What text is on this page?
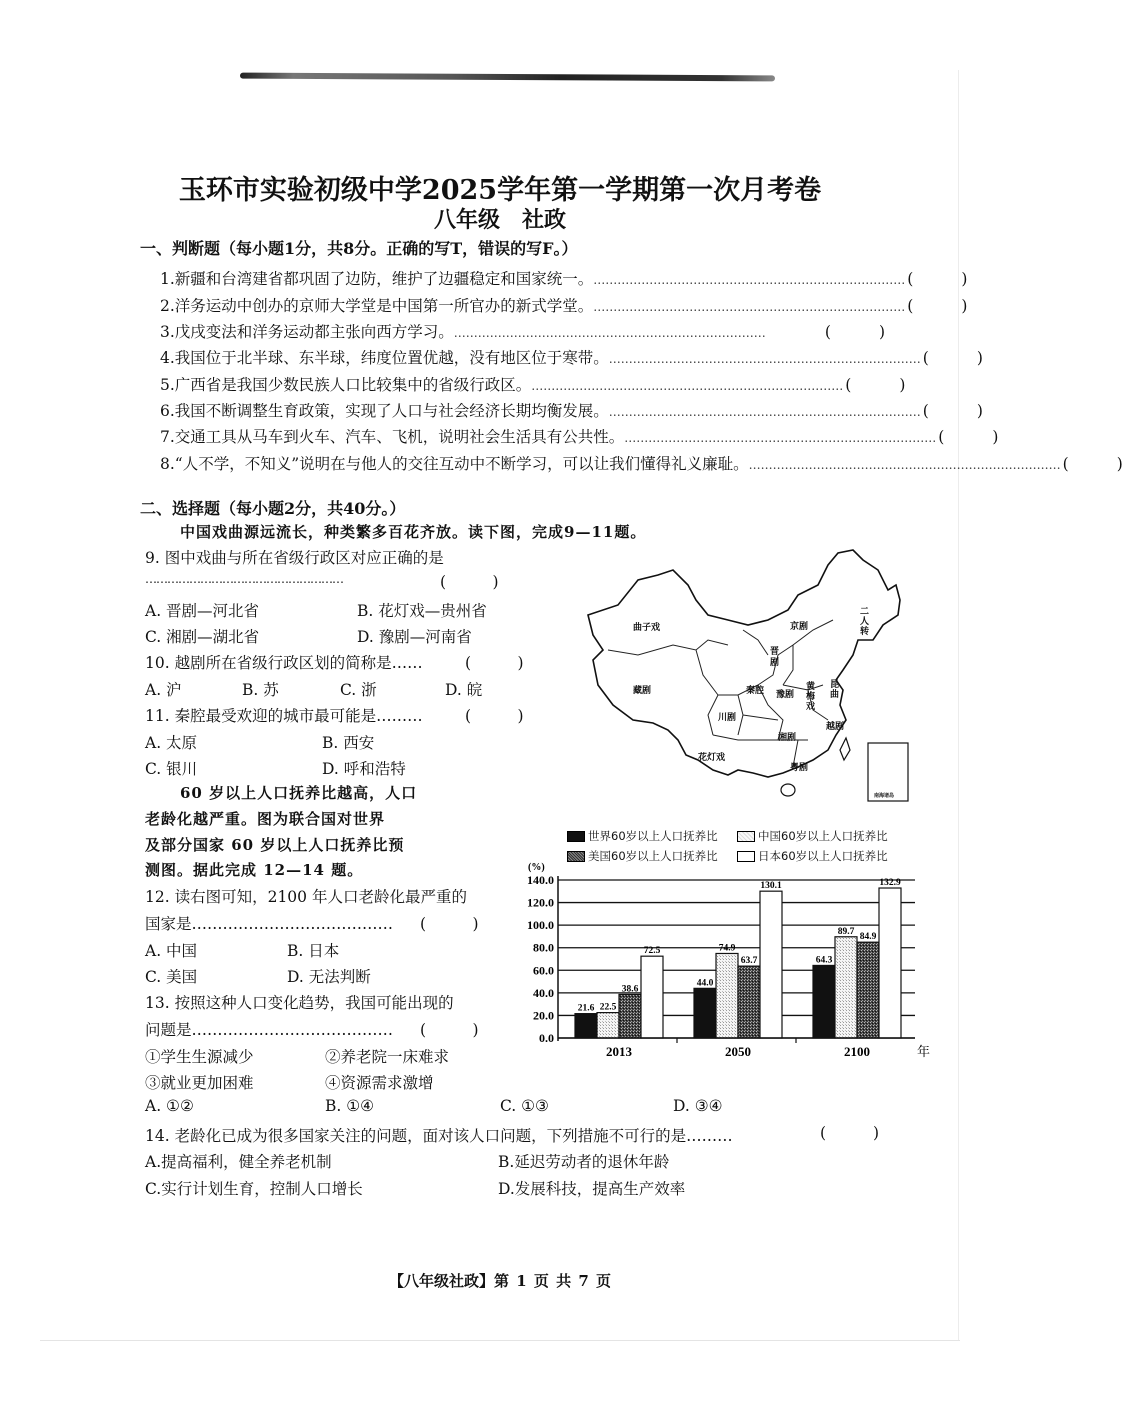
玉环市实验初级中学2025学年第一学期第一次月考卷
八年级　社政
一、判断题（每小题1分，共8分。正确的写T，错误的写F。）
1.新疆和台湾建省都巩固了边防，维护了边疆稳定和国家统一。 …………………………………………………………………… (	)
2.洋务运动中创办的京师大学堂是中国第一所官办的新式学堂。 …………………………………………………………………… (	)
3.戊戌变法和洋务运动都主张向西方学习。 ……………………………………………………………………	(	)
4.我国位于北半球、东半球，纬度位置优越，没有地区位于寒带。 …………………………………………………………………… (	)
5.广西省是我国少数民族人口比较集中的省级行政区。 …………………………………………………………………… (	)
6.我国不断调整生育政策，实现了人口与社会经济长期均衡发展。 …………………………………………………………………… (	)
7.交通工具从马车到火车、汽车、飞机，说明社会生活具有公共性。 …………………………………………………………………… (	)
8.“人不学，不知义”说明在与他人的交往互动中不断学习，可以让我们懂得礼义廉耻。 …………………………………………………………………… (	)
二、选择题（每小题2分，共40分。）
中国戏曲源远流长，种类繁多百花齐放。读下图，完成9—11题。
9. 图中戏曲与所在省级行政区对应正确的是
………………………………………………	(　　　)
A. 晋剧—河北省	B. 花灯戏—贵州省
C. 湘剧—湖北省	D. 豫剧—河南省
10. 越剧所在省级行政区划的简称是……	(　　　)
A. 沪	B. 苏	C. 浙	D. 皖
11. 秦腔最受欢迎的城市最可能是………	(　　　)
A. 太原	B. 西安
C. 银川	D. 呼和浩特
60 岁以上人口抚养比越高，人口
老龄化越严重。图为联合国对世界
及部分国家 60 岁以上人口抚养比预
测图。据此完成 12—14 题。
12. 读右图可知，2100 年人口老龄化最严重的
国家是………………………………… (　　　)
A. 中国	B. 日本
C. 美国	D. 无法判断
13. 按照这种人口变化趋势，我国可能出现的
问题是………………………………… (　　　)
①学生生源减少	②养老院一床难求
③就业更加困难	④资源需求激增
A. ①②	B. ①④	C. ①③	D. ③④
14. 老龄化已成为很多国家关注的问题，面对该人口问题，下列措施不可行的是………	(	)
A.提高福利，健全养老机制	B.延迟劳动者的退休年龄
C.实行计划生育，控制人口增长	D.发展科技，提高生产效率
曲子戏	京剧
二人转
晋剧
藏剧	秦腔 豫剧
黄梅戏
昆曲
川剧
越剧
湘剧
花灯戏
粤剧
南海诸岛
世界60岁以上人口抚养比	中国60岁以上人口抚养比
美国60岁以上人口抚养比	日本60岁以上人口抚养比
0.0
20.0
40.0
60.0
80.0
100.0
120.0
140.0
(%)
21.6 22.5
38.6
72.5
2013
44.0
74.9
63.7
130.1
2050
64.3
89.7
84.9
132.9
2100	年
【八年级社政】第 1 页 共 7 页
